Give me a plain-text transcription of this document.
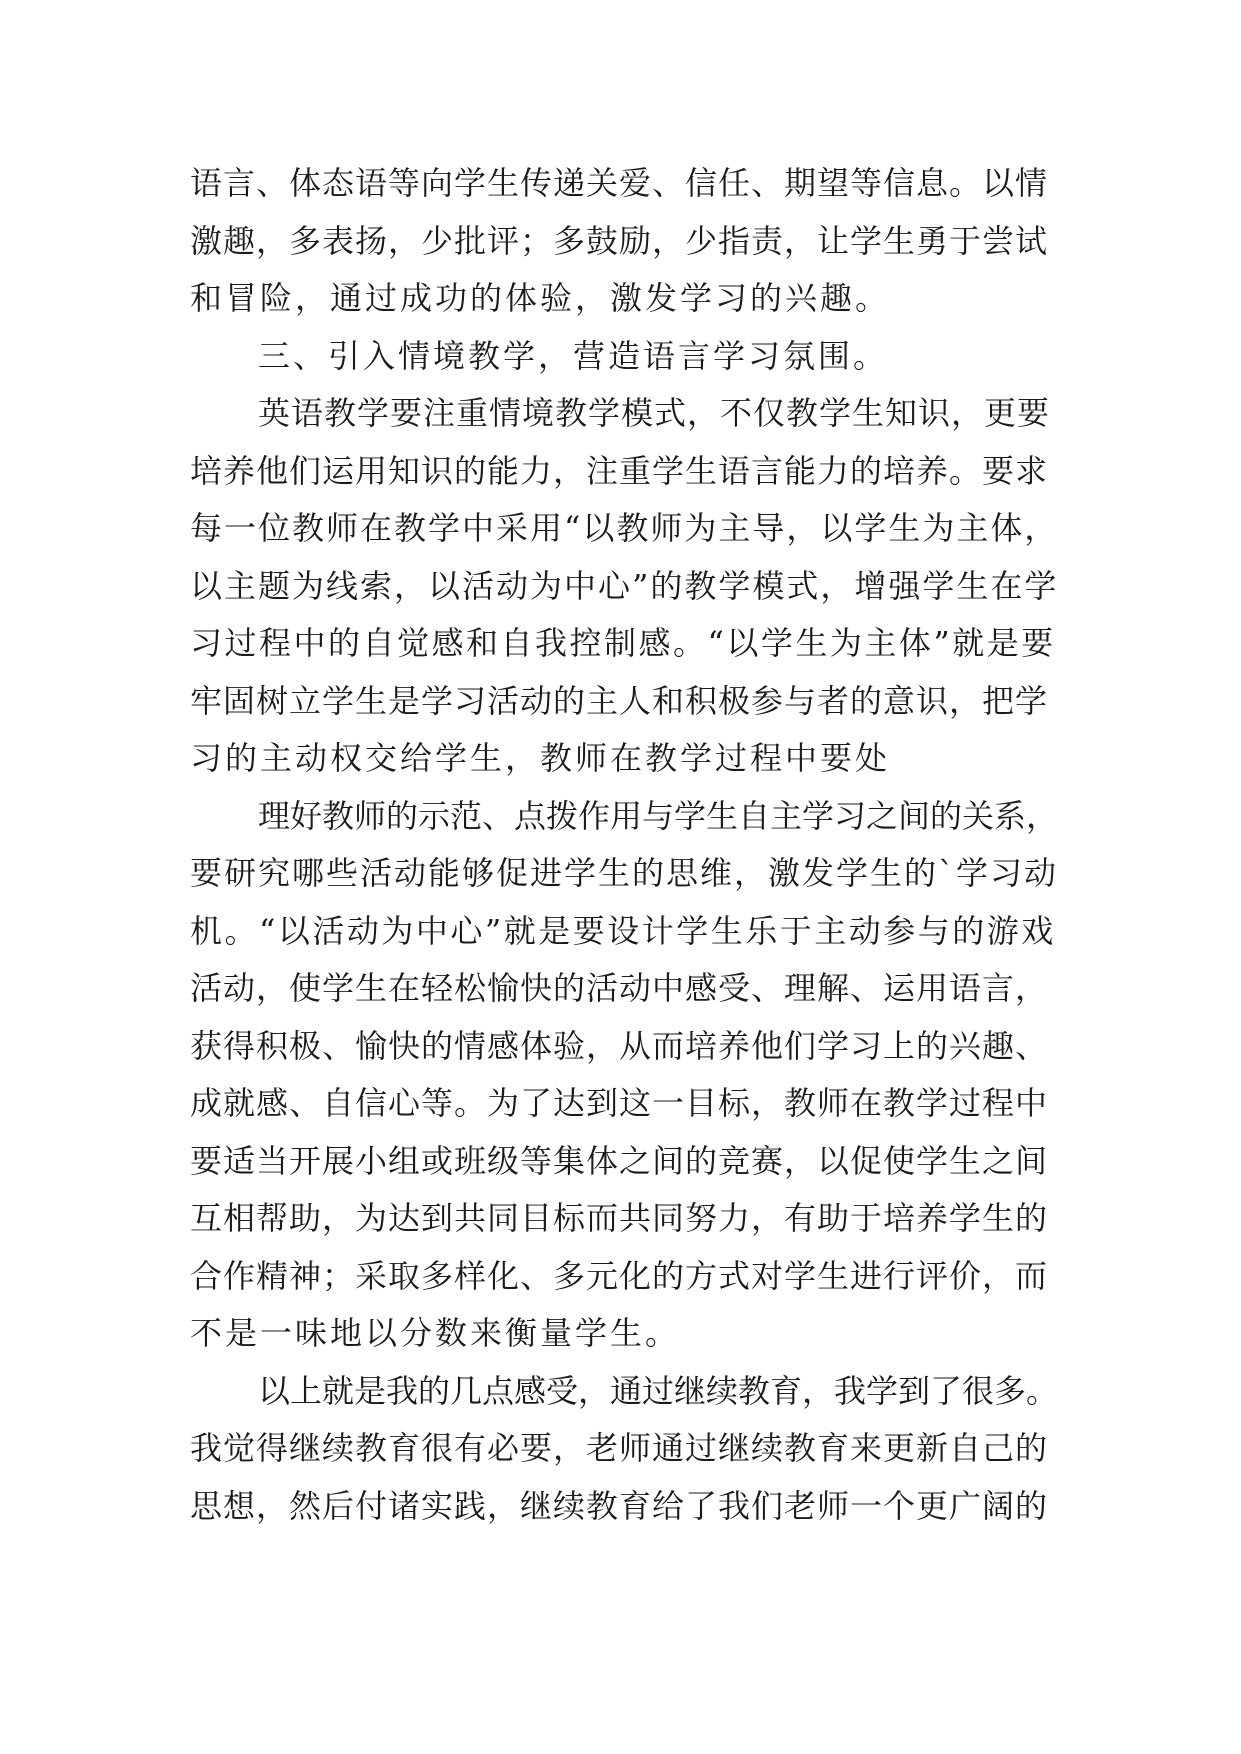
语言、体态语等向学生传递关爱、信任、期望等信息。以情
激趣，多表扬，少批评；多鼓励，少指责，让学生勇于尝试
和冒险，通过成功的体验，激发学习的兴趣。
三、引入情境教学，营造语言学习氛围。
英语教学要注重情境教学模式，不仅教学生知识，更要
培养他们运用知识的能力，注重学生语言能力的培养。要求
每一位教师在教学中采用“以教师为主导，以学生为主体，
以主题为线索，以活动为中心”的教学模式，增强学生在学
习过程中的自觉感和自我控制感。“以学生为主体”就是要
牢固树立学生是学习活动的主人和积极参与者的意识，把学
习的主动权交给学生，教师在教学过程中要处
理好教师的示范、点拨作用与学生自主学习之间的关系，
要研究哪些活动能够促进学生的思维，激发学生的`学习动
机。“以活动为中心”就是要设计学生乐于主动参与的游戏
活动，使学生在轻松愉快的活动中感受、理解、运用语言，
获得积极、愉快的情感体验，从而培养他们学习上的兴趣、
成就感、自信心等。为了达到这一目标，教师在教学过程中
要适当开展小组或班级等集体之间的竞赛，以促使学生之间
互相帮助，为达到共同目标而共同努力，有助于培养学生的
合作精神；采取多样化、多元化的方式对学生进行评价，而
不是一味地以分数来衡量学生。
以上就是我的几点感受，通过继续教育，我学到了很多。
我觉得继续教育很有必要，老师通过继续教育来更新自己的
思想，然后付诸实践，继续教育给了我们老师一个更广阔的
